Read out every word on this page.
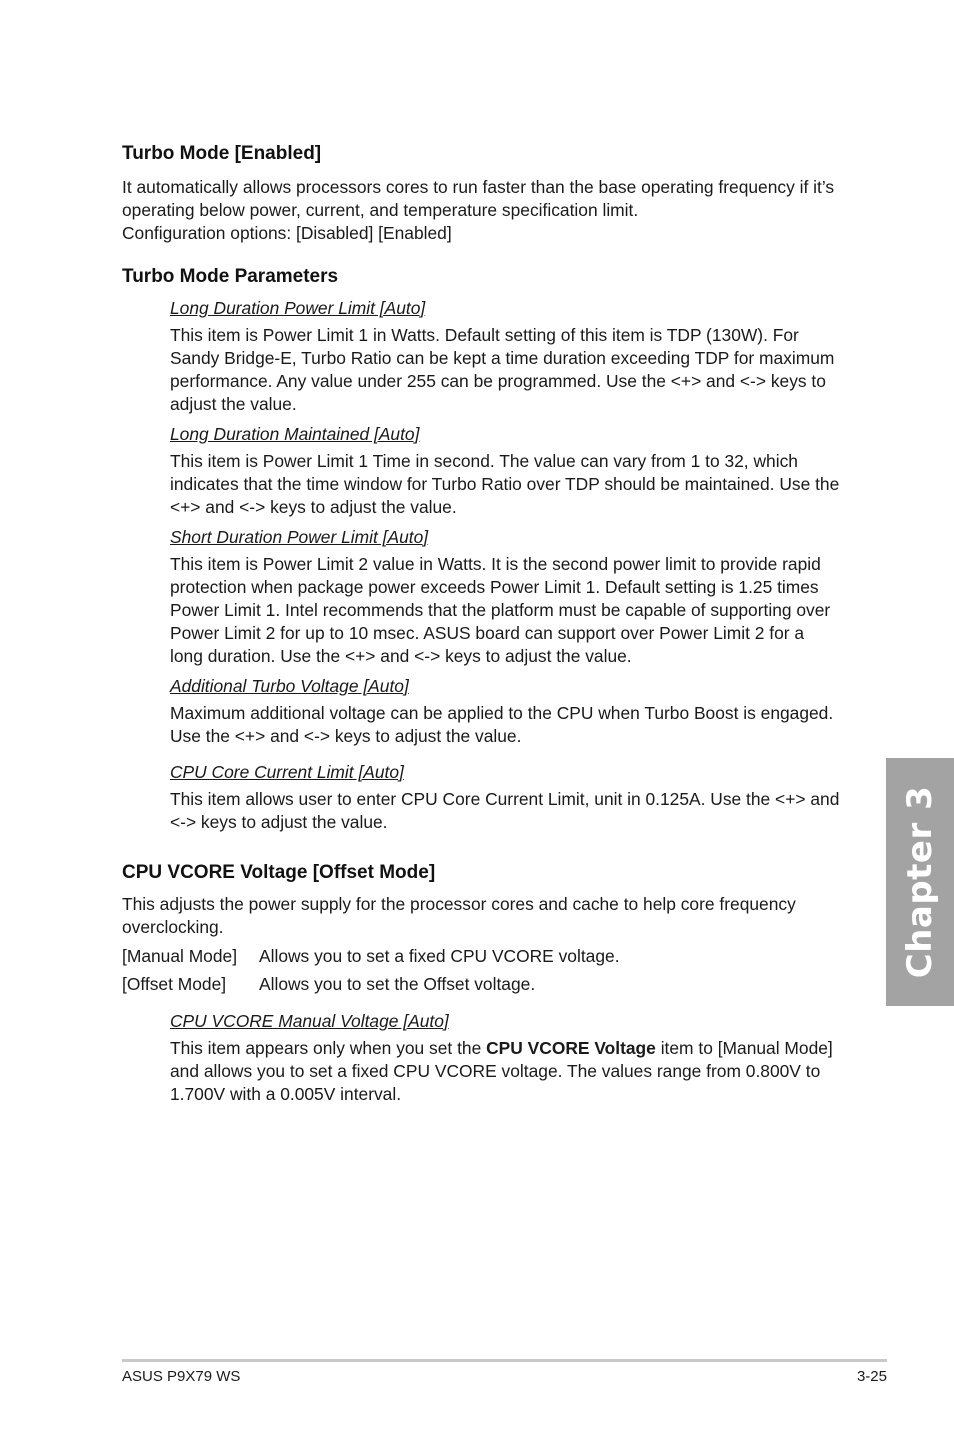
Turbo Mode [Enabled]

It automatically allows processors cores to run faster than the base operating frequency if it’s operating below power, current, and temperature specification limit.

Configuration options: [Disabled] [Enabled]

Turbo Mode Parameters

Long Duration Power Limit [Auto]

This item is Power Limit 1 in Watts. Default setting of this item is TDP (130W). For Sandy Bridge-E, Turbo Ratio can be kept a time duration exceeding TDP for maximum performance. Any value under 255 can be programmed. Use the <+> and <-> keys to adjust the value.

Long Duration Maintained [Auto]

This item is Power Limit 1 Time in second. The value can vary from 1 to 32, which indicates that the time window for Turbo Ratio over TDP should be maintained. Use the <+> and <-> keys to adjust the value.

Short Duration Power Limit [Auto]

This item is Power Limit 2 value in Watts. It is the second power limit to provide rapid protection when package power exceeds Power Limit 1. Default setting is 1.25 times Power Limit 1. Intel recommends that the platform must be capable of supporting over Power Limit 2 for up to 10 msec. ASUS board can support over Power Limit 2 for a long duration. Use the <+> and <-> keys to adjust the value.

Additional Turbo Voltage [Auto]

Maximum additional voltage can be applied to the CPU when Turbo Boost is engaged. Use the <+> and <-> keys to adjust the value.

CPU Core Current Limit [Auto]

This item allows user to enter CPU Core Current Limit, unit in 0.125A. Use the <+> and <-> keys to adjust the value.

CPU VCORE Voltage [Offset Mode]

This adjusts the power supply for the processor cores and cache to help core frequency overclocking.

[Manual Mode]	Allows you to set a fixed CPU VCORE voltage.
[Offset Mode]	Allows you to set the Offset voltage.

CPU VCORE Manual Voltage [Auto]

This item appears only when you set the CPU VCORE Voltage item to [Manual Mode] and allows you to set a fixed CPU VCORE voltage. The values range from 0.800V to 1.700V with a 0.005V interval.

Chapter 3
ASUS P9X79 WS	3-25
